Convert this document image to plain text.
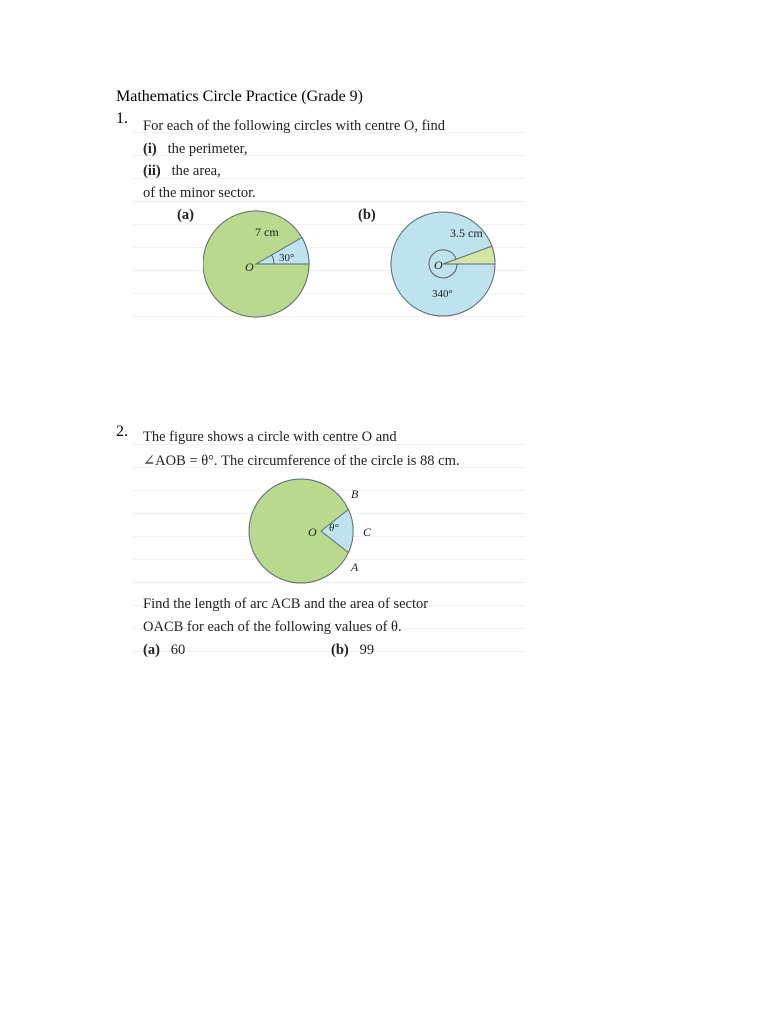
Mathematics Circle Practice (Grade 9)
1. For each of the following circles with centre O, find
(i) the perimeter,
(ii) the area,
of the minor sector.
(a)	(b)
7 cm
30°
O
3.5 cm
O
340°
2. The figure shows a circle with centre O and
∠AOB = θ°. The circumference of the circle is 88 cm.
B
C
A
O θ°
Find the length of arc ACB and the area of sector
OACB for each of the following values of θ.
(a) 60	(b) 99
